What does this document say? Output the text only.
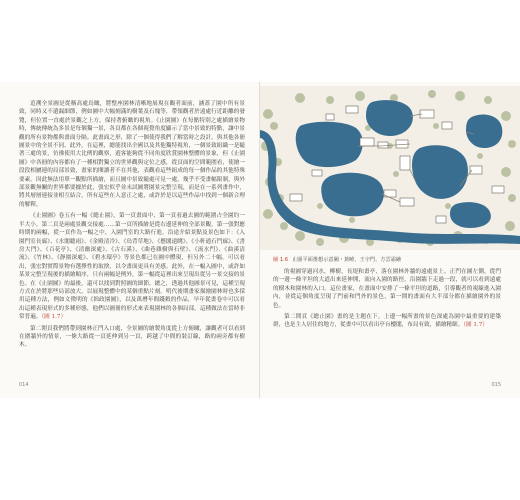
追溯全景圖是從稱高處鳥瞰，將整座園林清晰地展現在觀者面前，涵蓋了園中所有景致，同時又不遺漏細節，例如圖中大幅刻滿的樹葉及石塊等，帶領觀者於遠處行近距離的發覽，但位置一直處於景觀之上方，保持著俯瞰的視角。《止園圖》在每點特別之處描繪景物時，傳統傳統為多景是每個獨一景，各頁都在各個視覺角度顯示了當中景致的特點，讓中景觀的所有景物都與畫面分隔。此畫面之形，除了一個使得我們了解當時之設計，與其他各冊圖景中的全景不同。此外，在這裡，總能找出全國以及其他獨特視角，一個景致組織一是隨著三處的景，彷彿使用大比例的觀察，遊客能夠從不同角度欣賞園林整體的景象，但《止園圖》中各冊的內容都有了一種相對獨立的世界觀與定位之感，從頁面的空間範圍看，使繪一段段相屬連的局部景致，畫家的閱讀者不在其他，表觀看這些組成的每一個作品的其他特殊要素。因此無法用單一觀點所描繪，而且圖中景致隨處可見一處，幾乎不受畫幅限制，與外部景觀無關的世界都要據於此，張宏似乎並未試圖將園景完整呈現，而是在一系列畫作中，將其層層連接並相互結合，所有這些在人意正之處，或許於是以這些作品中找到一個新合理的解釋。

《止園圖》卷五有一幅《總止園》，第一頁畫面中，第一頁看過去圖的範圍占全園約一半大小，第二頁是兩處景觀交接處……第一頁所描繪是從右邊延伸的全部景觀，第一張對應時期的兩幅，從一頁作為一幅之中，入園門室的大路行進，沿途介紹景點及景色如下：《入園門室長廊》、《水閣聽雨》、《金殿清冷》、《鳥背草地》、《懸閣遠眺》、《小軒通石門廊》、《書房大門》、《百花亭》、《清幽深處》、《古石溪》、《曲巷雜樹與石壁》、《流水門》、《曲溪清流》、《竹林》、《靜園深處》、《碧水環亭》等景色都已在圖中體現，但另外二十幅，可以看出，張宏對實際景物有選擇性的取捨，以令畫面更具有美感。此外，在一幅入圖中，或許如某景完整呈現後的描繪順序，只有兩幅是例外，第一幅從這裡出來呈現出從另一景交接的景色。在《止園圖》的最後，還可以找到對照圖的細節，總之，透過其他圖景可見，這種呈現方式在於將那些局部放大，以展現整體中的某個重點片刻。明代後期畫家描繪園林時也多採用這種方法，例如文徵明的《拙政園圖》，以及萬曆年間錢穀的作品，早年從畫卷中可以看出這種表現形式的多種形態，他們以圖冊的形式來表現園林的各個局部，這種做法在當時非常普遍。（圖 1.7）

第二開頁我們將帶到園林正門入口處，全景圖的繪製角度從上方俯瞰，讓觀者可以看到在圍牆外的情景，一條大路從一頁延伸到另一頁，跨越了中間的裝訂線，路的兩旁都有樹木。

014
圖 1.6 止園平面推想示意圖・黃曉、王宇門、方雲霜繪

的視圖穿過河水，柳樹，長堤和畫亭，落在園林外牆的遠處景上。正門在圖左側，從門的一邊一條平坦的大道出來延伸開，流向入園的路徑，沿園牆下走過一段，就可以看到遠處的樹木和園林的入口。這位畫家，在畫面中安排了一條平坦的道路，引導觀者的視線進入園內，並從這個角度呈現了門前和門外的景色，第一開的畫面有大半部分都在描繪園外的景色。

第二開頁《總止園》畫的是主題在下，上邊一幅所畫的景色深處為園中最重要的建築群，也是主人居住的地方，從畫中可以看出亭台樓閣，布局有致，描繪精細。（圖 1.7）

015
